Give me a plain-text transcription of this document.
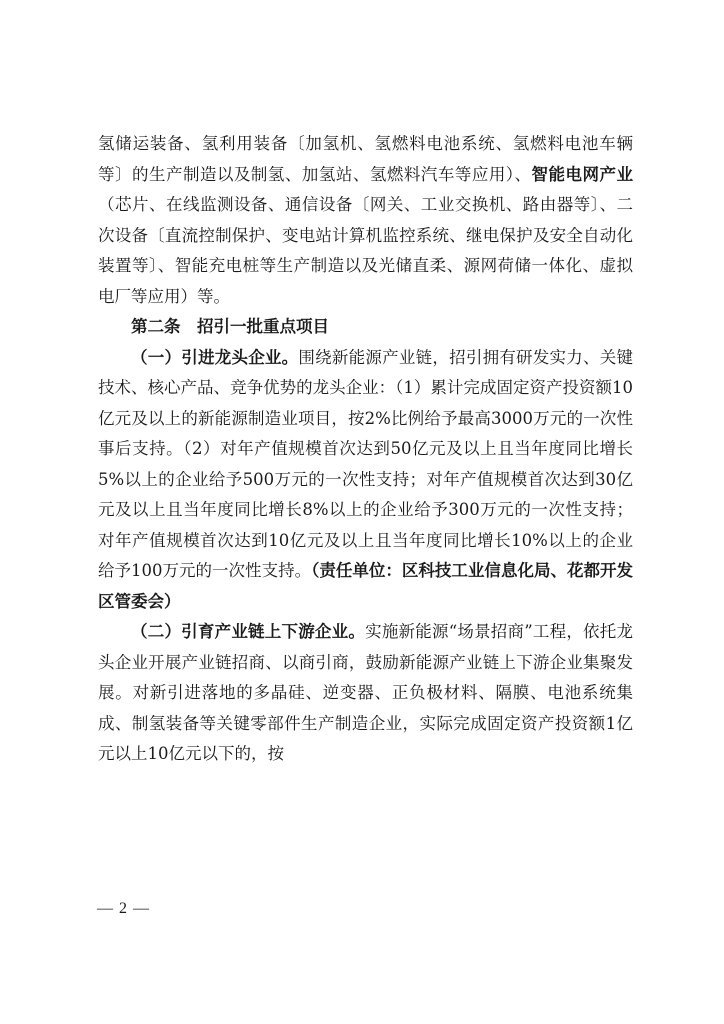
氢储运装备、氢利用装备〔加氢机、氢燃料电池系统、氢燃料电池车辆等〕的生产制造以及制氢、加氢站、氢燃料汽车等应用）、智能电网产业（芯片、在线监测设备、通信设备〔网关、工业交换机、路由器等〕、二次设备〔直流控制保护、变电站计算机监控系统、继电保护及安全自动化装置等〕、智能充电桩等生产制造以及光储直柔、源网荷储一体化、虚拟电厂等应用）等。

第二条　招引一批重点项目

（一）引进龙头企业。围绕新能源产业链，招引拥有研发实力、关键技术、核心产品、竞争优势的龙头企业：（1）累计完成固定资产投资额10亿元及以上的新能源制造业项目，按2%比例给予最高3000万元的一次性事后支持。（2）对年产值规模首次达到50亿元及以上且当年度同比增长5%以上的企业给予500万元的一次性支持；对年产值规模首次达到30亿元及以上且当年度同比增长8%以上的企业给予300万元的一次性支持；对年产值规模首次达到10亿元及以上且当年度同比增长10%以上的企业给予100万元的一次性支持。（责任单位：区科技工业信息化局、花都开发区管委会）

（二）引育产业链上下游企业。实施新能源“场景招商”工程，依托龙头企业开展产业链招商、以商引商，鼓励新能源产业链上下游企业集聚发展。对新引进落地的多晶硅、逆变器、正负极材料、隔膜、电池系统集成、制氢装备等关键零部件生产制造企业，实际完成固定资产投资额1亿元以上10亿元以下的，按

— 2 —
